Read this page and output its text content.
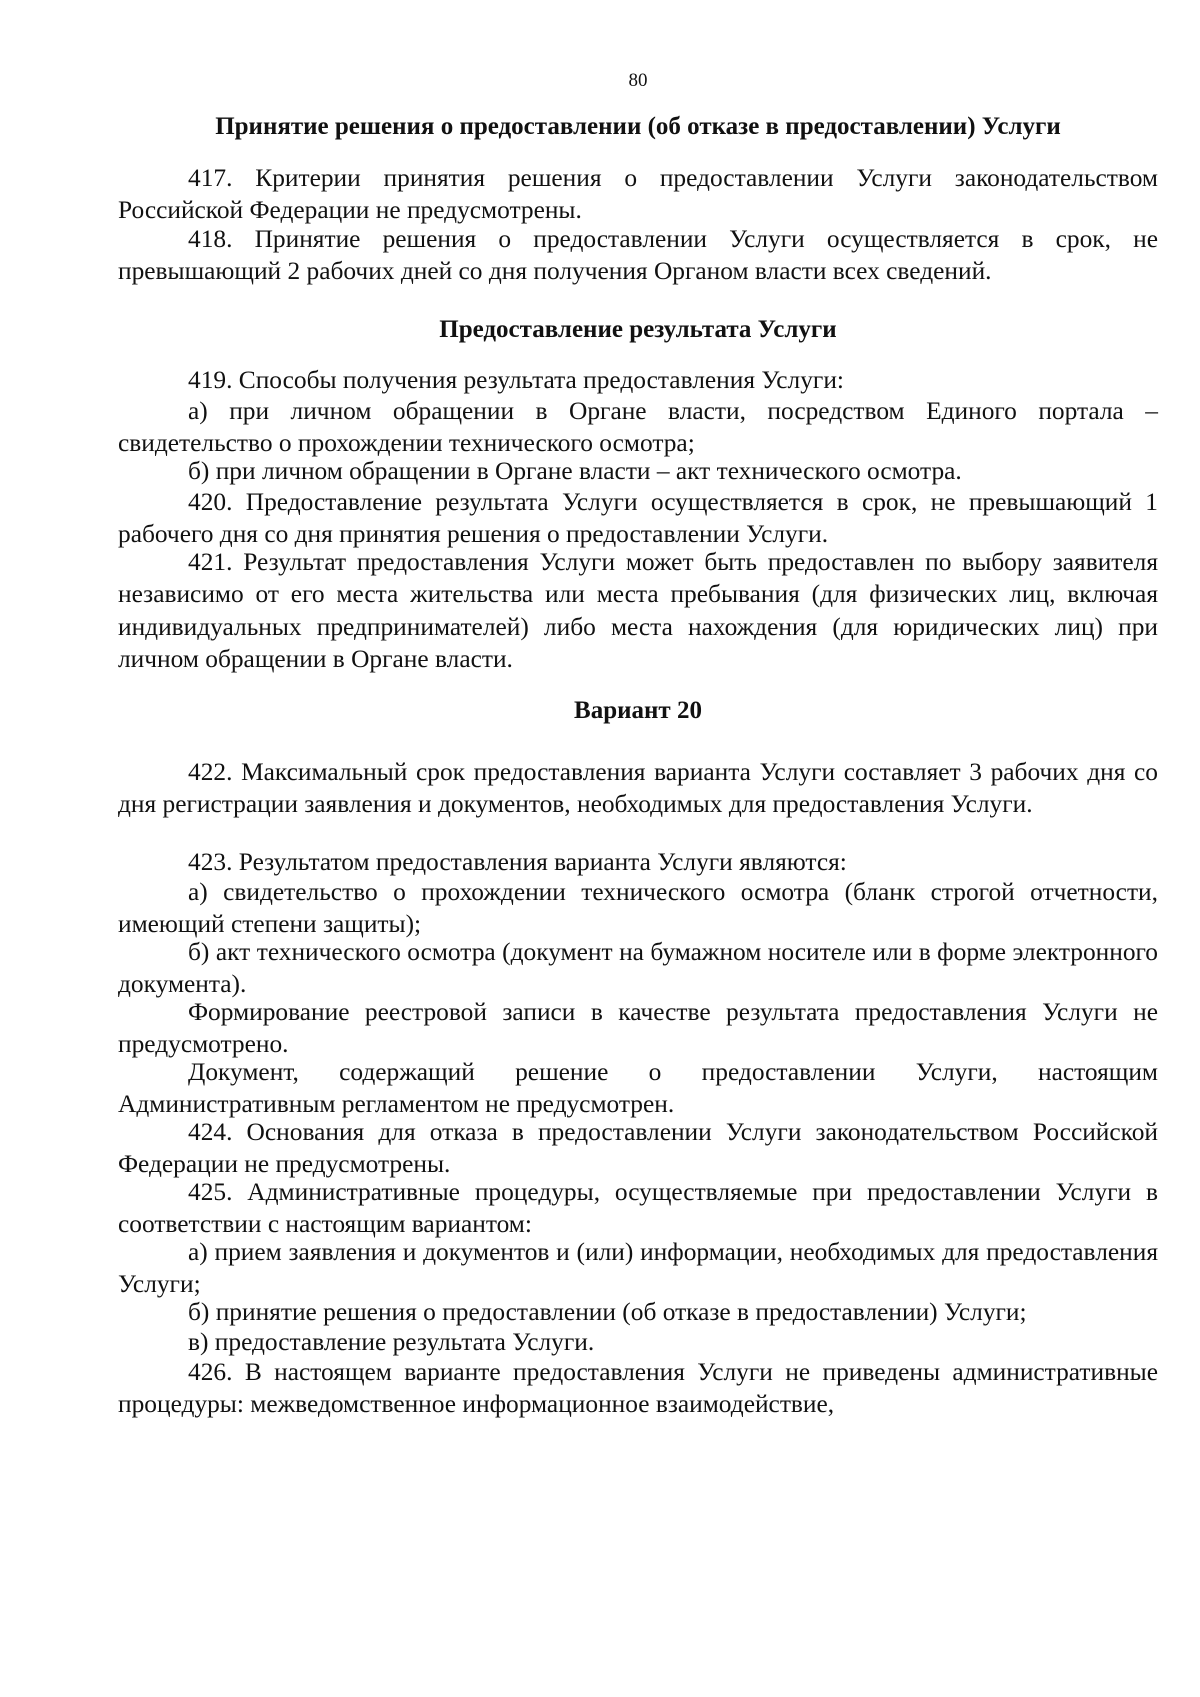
80
Принятие решения о предоставлении (об отказе в предоставлении) Услуги

417. Критерии принятия решения о предоставлении Услуги законодательством Российской Федерации не предусмотрены.

418. Принятие решения о предоставлении Услуги осуществляется в срок, не превышающий 2 рабочих дней со дня получения Органом власти всех сведений.

Предоставление результата Услуги

419. Способы получения результата предоставления Услуги:

а) при личном обращении в Органе власти, посредством Единого портала – свидетельство о прохождении технического осмотра;

б) при личном обращении в Органе власти – акт технического осмотра.

420. Предоставление результата Услуги осуществляется в срок, не превышающий 1 рабочего дня со дня принятия решения о предоставлении Услуги.

421. Результат предоставления Услуги может быть предоставлен по выбору заявителя независимо от его места жительства или места пребывания (для физических лиц, включая индивидуальных предпринимателей) либо места нахождения (для юридических лиц) при личном обращении в Органе власти.

Вариант 20

422. Максимальный срок предоставления варианта Услуги составляет 3 рабочих дня со дня регистрации заявления и документов, необходимых для предоставления Услуги.

423. Результатом предоставления варианта Услуги являются:

а) свидетельство о прохождении технического осмотра (бланк строгой отчетности, имеющий степени защиты);

б) акт технического осмотра (документ на бумажном носителе или в форме электронного документа).

Формирование реестровой записи в качестве результата предоставления Услуги не предусмотрено.

Документ, содержащий решение о предоставлении Услуги, настоящим Административным регламентом не предусмотрен.

424. Основания для отказа в предоставлении Услуги законодательством Российской Федерации не предусмотрены.

425. Административные процедуры, осуществляемые при предоставлении Услуги в соответствии с настоящим вариантом:

а) прием заявления и документов и (или) информации, необходимых для предоставления Услуги;

б) принятие решения о предоставлении (об отказе в предоставлении) Услуги;

в) предоставление результата Услуги.

426. В настоящем варианте предоставления Услуги не приведены административные процедуры: межведомственное информационное взаимодействие,
